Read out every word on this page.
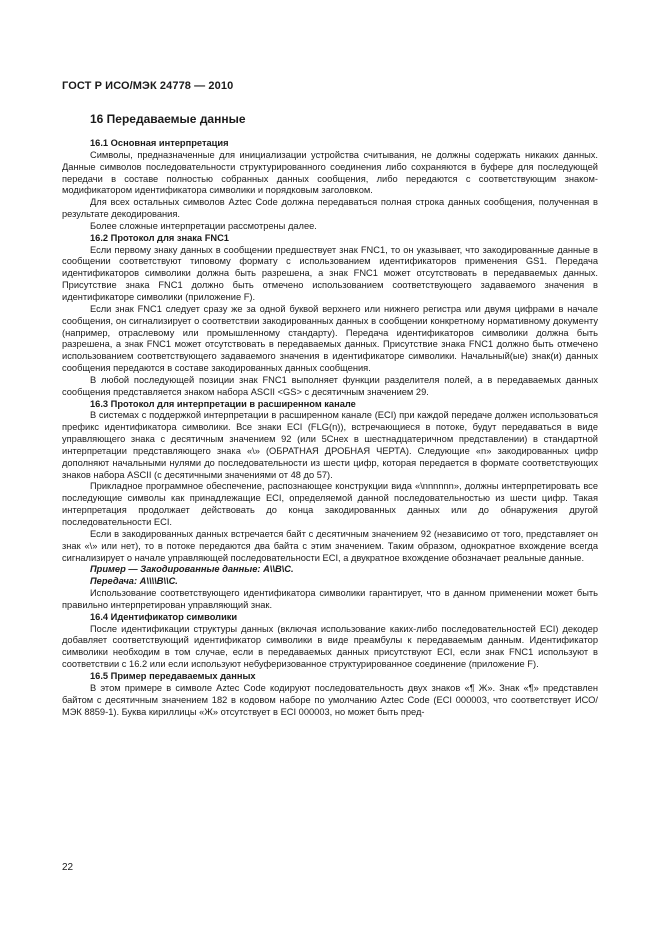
ГОСТ Р ИСО/МЭК 24778 — 2010
16 Передаваемые данные
16.1 Основная интерпретация
Символы, предназначенные для инициализации устройства считывания, не должны содержать никаких данных. Данные символов последовательности структурированного соединения либо сохраняются в буфере для последующей передачи в составе полностью собранных данных сообщения, либо передаются с соответствующим знаком-модификатором идентификатора символики и порядковым заголовком.
Для всех остальных символов Aztec Code должна передаваться полная строка данных сообщения, полученная в результате декодирования.
Более сложные интерпретации рассмотрены далее.
16.2 Протокол для знака FNC1
Если первому знаку данных в сообщении предшествует знак FNC1, то он указывает, что закодированные данные в сообщении соответствуют типовому формату с использованием идентификаторов применения GS1. Передача идентификаторов символики должна быть разрешена, а знак FNC1 может отсутствовать в передаваемых данных. Присутствие знака FNC1 должно быть отмечено использованием соответствующего задаваемого значения в идентификаторе символики (приложение F).
Если знак FNC1 следует сразу же за одной буквой верхнего или нижнего регистра или двумя цифрами в начале сообщения, он сигнализирует о соответствии закодированных данных в сообщении конкретному нормативному документу (например, отраслевому или промышленному стандарту). Передача идентификаторов символики должна быть разрешена, а знак FNC1 может отсутствовать в передаваемых данных. Присутствие знака FNC1 должно быть отмечено использованием соответствующего задаваемого значения в идентификаторе символики. Начальный(ые) знак(и) данных сообщения передаются в составе закодированных данных сообщения.
В любой последующей позиции знак FNC1 выполняет функции разделителя полей, а в передаваемых данных сообщения представляется знаком набора ASCII <GS> с десятичным значением 29.
16.3 Протокол для интерпретации в расширенном канале
В системах с поддержкой интерпретации в расширенном канале (ECI) при каждой передаче должен использоваться префикс идентификатора символики. Все знаки ECI (FLG(n)), встречающиеся в потоке, будут передаваться в виде управляющего знака с десятичным значением 92 (или 5Cнех в шестнадцатеричном представлении) в стандартной интерпретации представляющего знака «\» (ОБРАТНАЯ ДРОБНАЯ ЧЕРТА). Следующие «n» закодированных цифр дополняют начальными нулями до последовательности из шести цифр, которая передается в формате соответствующих знаков набора ASCII (с десятичными значениями от 48 до 57).
Прикладное программное обеспечение, распознающее конструкции вида «\nnnnnn», должны интерпретировать все последующие символы как принадлежащие ECI, определяемой данной последовательностью из шести цифр. Такая интерпретация продолжает действовать до конца закодированных данных или до обнаружения другой последовательности ECI.
Если в закодированных данных встречается байт с десятичным значением 92 (независимо от того, представляет он знак «\» или нет), то в потоке передаются два байта с этим значением. Таким образом, однократное вхождение всегда сигнализирует о начале управляющей последовательности ECI, а двукратное вхождение обозначает реальные данные.
Пример — Закодированные данные: A\\B\C.
Передача: A\\\\B\\C.
Использование соответствующего идентификатора символики гарантирует, что в данном применении может быть правильно интерпретирован управляющий знак.
16.4 Идентификатор символики
После идентификации структуры данных (включая использование каких-либо последовательностей ECI) декодер добавляет соответствующий идентификатор символики в виде преамбулы к передаваемым данным. Идентификатор символики необходим в том случае, если в передаваемых данных присутствуют ECI, если знак FNC1 используют в соответствии с 16.2 или если используют небуферизованное структурированное соединение (приложение F).
16.5 Пример передаваемых данных
В этом примере в символе Aztec Code кодируют последовательность двух знаков «¶ Ж». Знак «¶» представлен байтом с десятичным значением 182 в кодовом наборе по умолчанию Aztec Code (ECI 000003, что соответствует ИСО/МЭК 8859-1). Буква кириллицы «Ж» отсутствует в ECI 000003, но может быть пред-
22
